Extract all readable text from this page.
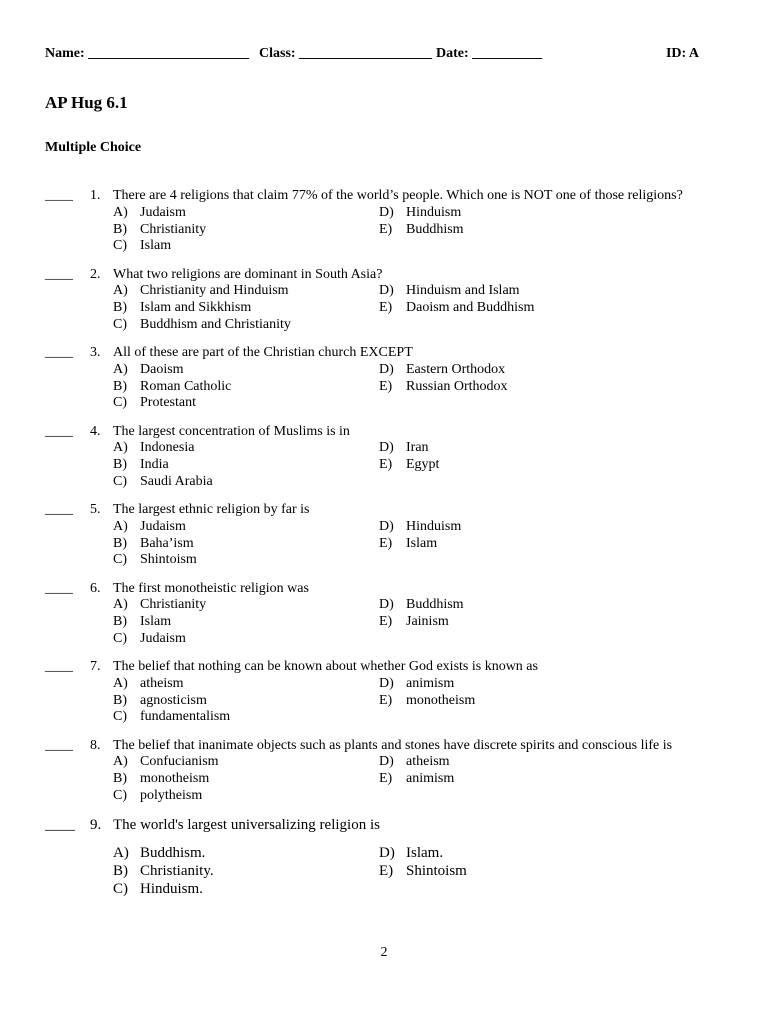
Name: _______________________ Class: ___________________ Date: __________	ID: A
AP Hug 6.1
Multiple Choice
____ 1. There are 4 religions that claim 77% of the world’s people. Which one is NOT one of those religions?
A) Judaism
B) Christianity
C) Islam
D) Hinduism
E) Buddhism
____ 2. What two religions are dominant in South Asia?
A) Christianity and Hinduism
B) Islam and Sikkhism
C) Buddhism and Christianity
D) Hinduism and Islam
E) Daoism and Buddhism
____ 3. All of these are part of the Christian church EXCEPT
A) Daoism
B) Roman Catholic
C) Protestant
D) Eastern Orthodox
E) Russian Orthodox
____ 4. The largest concentration of Muslims is in
A) Indonesia
B) India
C) Saudi Arabia
D) Iran
E) Egypt
____ 5. The largest ethnic religion by far is
A) Judaism
B) Baha’ism
C) Shintoism
D) Hinduism
E) Islam
____ 6. The first monotheistic religion was
A) Christianity
B) Islam
C) Judaism
D) Buddhism
E) Jainism
____ 7. The belief that nothing can be known about whether God exists is known as
A) atheism
B) agnosticism
C) fundamentalism
D) animism
E) monotheism
____ 8. The belief that inanimate objects such as plants and stones have discrete spirits and conscious life is
A) Confucianism
B) monotheism
C) polytheism
D) atheism
E) animism
____ 9. The world's largest universalizing religion is
A) Buddhism.
B) Christianity.
C) Hinduism.
D) Islam.
E) Shintoism
2
